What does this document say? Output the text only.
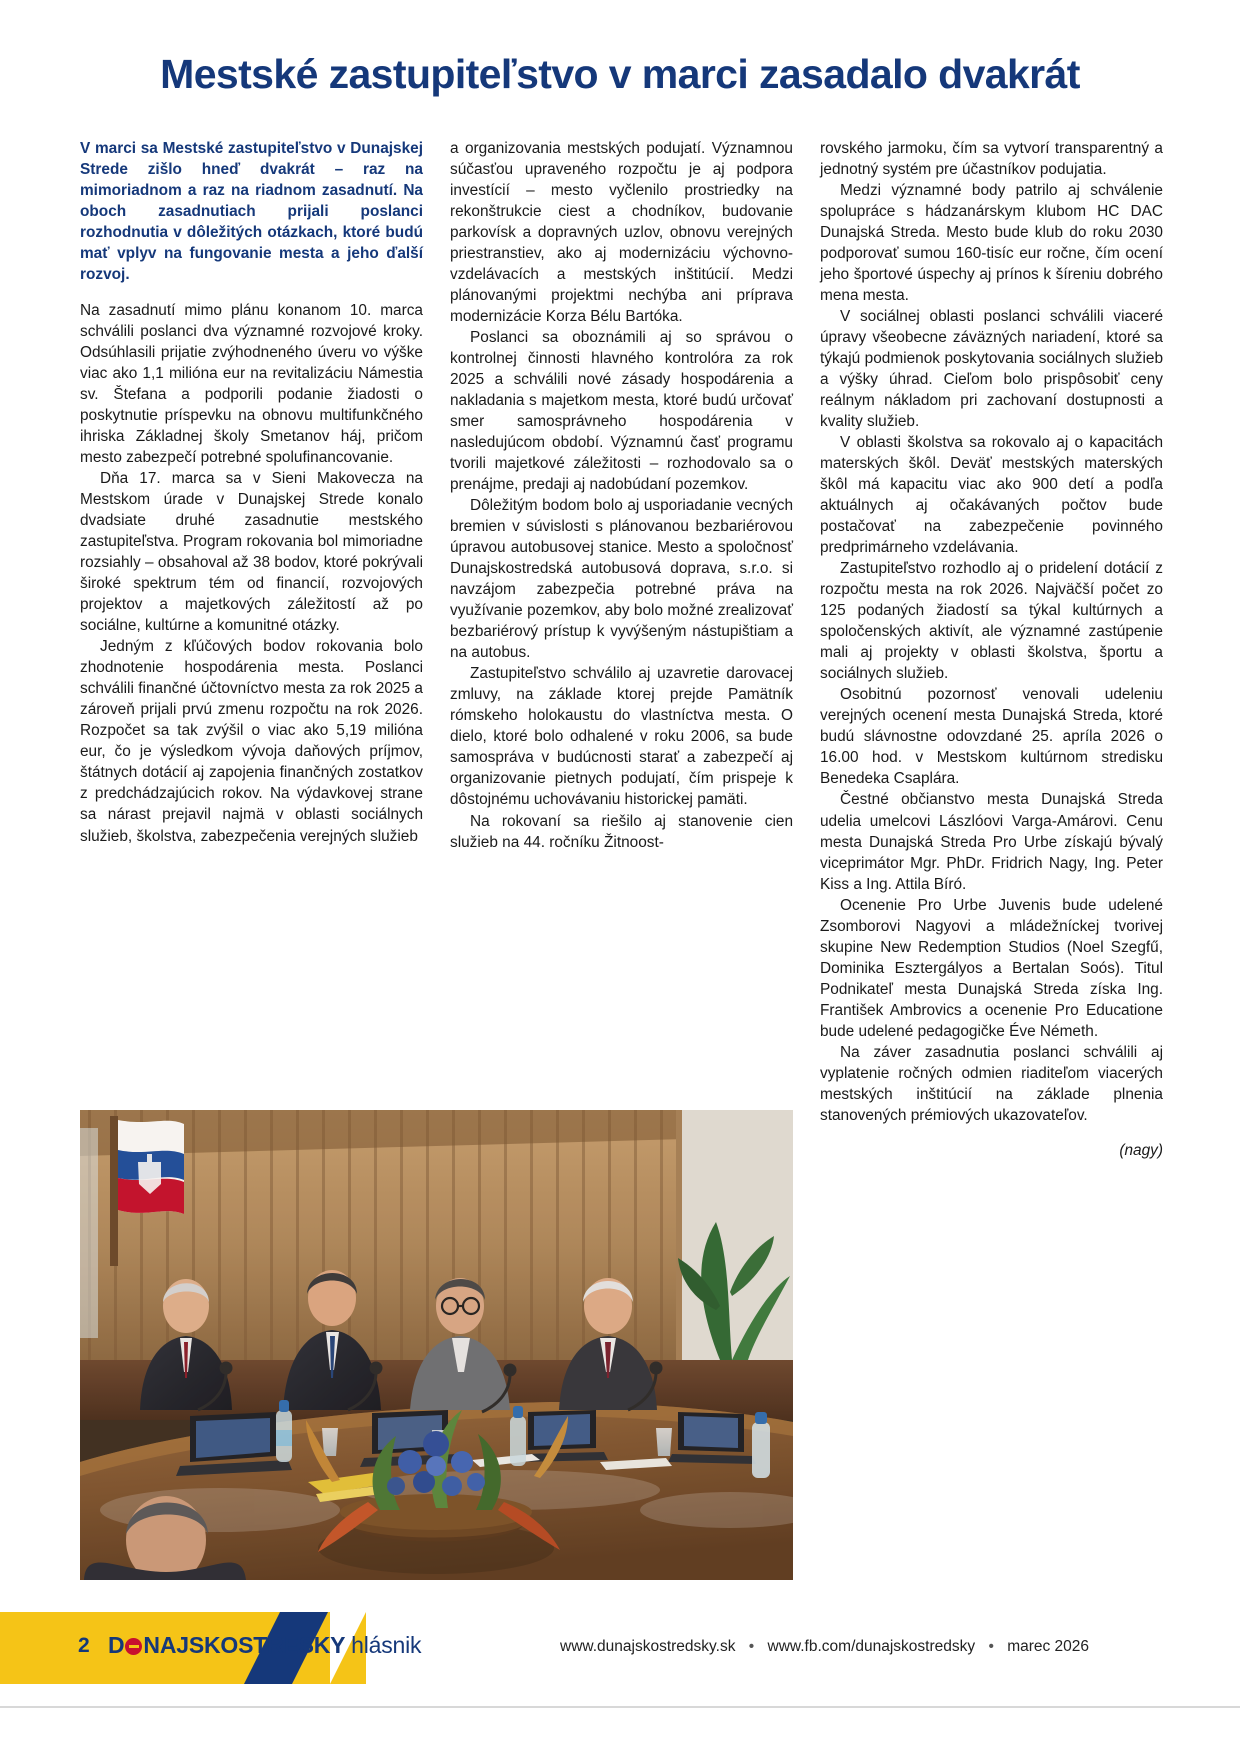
Mestské zastupiteľstvo v marci zasadalo dvakrát

V marci sa Mestské zastupiteľstvo v Dunajskej Strede zišlo hneď dvakrát – raz na mimoriadnom a raz na riadnom zasadnutí. Na oboch zasadnutiach prijali poslanci rozhodnutia v dôležitých otázkach, ktoré budú mať vplyv na fungovanie mesta a jeho ďalší rozvoj.

Na zasadnutí mimo plánu konanom 10. marca schválili poslanci dva významné rozvojové kroky. Odsúhlasili prijatie zvýhodneného úveru vo výške viac ako 1,1 milióna eur na revitalizáciu Námestia sv. Štefana a podporili podanie žiadosti o poskytnutie príspevku na obnovu multifunkčného ihriska Základnej školy Smetanov háj, pričom mesto zabezpečí potrebné spolufinancovanie.

Dňa 17. marca sa v Sieni Makovecza na Mestskom úrade v Dunajskej Strede konalo dvadsiate druhé zasadnutie mestského zastupiteľstva. Program rokovania bol mimoriadne rozsiahly – obsahoval až 38 bodov, ktoré pokrývali široké spektrum tém od financií, rozvojových projektov a majetkových záležitostí až po sociálne, kultúrne a komunitné otázky.

Jedným z kľúčových bodov rokovania bolo zhodnotenie hospodárenia mesta. Poslanci schválili finančné účtovníctvo mesta za rok 2025 a zároveň prijali prvú zmenu rozpočtu na rok 2026. Rozpočet sa tak zvýšil o viac ako 5,19 milióna eur, čo je výsledkom vývoja daňových príjmov, štátnych dotácií aj zapojenia finančných zostatkov z predchádzajúcich rokov. Na výdavkovej strane sa nárast prejavil najmä v oblasti sociálnych služieb, školstva, zabezpečenia verejných služieb

a organizovania mestských podujatí. Významnou súčasťou upraveného rozpočtu je aj podpora investícií – mesto vyčlenilo prostriedky na rekonštrukcie ciest a chodníkov, budovanie parkovísk a dopravných uzlov, obnovu verejných priestranstiev, ako aj modernizáciu výchovno-vzdelávacích a mestských inštitúcií. Medzi plánovanými projektmi nechýba ani príprava modernizácie Korza Bélu Bartóka.

Poslanci sa oboznámili aj so správou o kontrolnej činnosti hlavného kontrolóra za rok 2025 a schválili nové zásady hospodárenia a nakladania s majetkom mesta, ktoré budú určovať smer samosprávneho hospodárenia v nasledujúcom období. Významnú časť programu tvorili majetkové záležitosti – rozhodovalo sa o prenájme, predaji aj nadobúdaní pozemkov.

Dôležitým bodom bolo aj usporiadanie vecných bremien v súvislosti s plánovanou bezbariérovou úpravou autobusovej stanice. Mesto a spoločnosť Dunajskostredská autobusová doprava, s.r.o. si navzájom zabezpečia potrebné práva na využívanie pozemkov, aby bolo možné zrealizovať bezbariérový prístup k vyvýšeným nástupištiam a na autobus.

Zastupiteľstvo schválilo aj uzavretie darovacej zmluvy, na základe ktorej prejde Pamätník rómskeho holokaustu do vlastníctva mesta. O dielo, ktoré bolo odhalené v roku 2006, sa bude samospráva v budúcnosti starať a zabezpečí aj organizovanie pietnych podujatí, čím prispeje k dôstojnému uchovávaniu historickej pamäti.

Na rokovaní sa riešilo aj stanovenie cien služieb na 44. ročníku Žitnoost-

rovského jarmoku, čím sa vytvorí transparentný a jednotný systém pre účastníkov podujatia.

Medzi významné body patrilo aj schválenie spolupráce s hádzanárskym klubom HC DAC Dunajská Streda. Mesto bude klub do roku 2030 podporovať sumou 160-tisíc eur ročne, čím ocení jeho športové úspechy aj prínos k šíreniu dobrého mena mesta.

V sociálnej oblasti poslanci schválili viaceré úpravy všeobecne záväzných nariadení, ktoré sa týkajú podmienok poskytovania sociálnych služieb a výšky úhrad. Cieľom bolo prispôsobiť ceny reálnym nákladom pri zachovaní dostupnosti a kvality služieb.

V oblasti školstva sa rokovalo aj o kapacitách materských škôl. Deväť mestských materských škôl má kapacitu viac ako 900 detí a podľa aktuálnych aj očakávaných počtov bude postačovať na zabezpečenie povinného predprimárneho vzdelávania.

Zastupiteľstvo rozhodlo aj o pridelení dotácií z rozpočtu mesta na rok 2026. Najväčší počet zo 125 podaných žiadostí sa týkal kultúrnych a spoločenských aktivít, ale významné zastúpenie mali aj projekty v oblasti školstva, športu a sociálnych služieb.

Osobitnú pozornosť venovali udeleniu verejných ocenení mesta Dunajská Streda, ktoré budú slávnostne odovzdané 25. apríla 2026 o 16.00 hod. v Mestskom kultúrnom stredisku Benedeka Csaplára.

Čestné občianstvo mesta Dunajská Streda udelia umelcovi Lászlóovi Varga-Amárovi. Cenu mesta Dunajská Streda Pro Urbe získajú bývalý viceprimátor Mgr. PhDr. Fridrich Nagy, Ing. Peter Kiss a Ing. Attila Bíró.

Ocenenie Pro Urbe Juvenis bude udelené Zsomborovi Nagyovi a mládežníckej tvorivej skupine New Redemption Studios (Noel Szegfű, Dominika Esztergályos a Bertalan Soós). Titul Podnikateľ mesta Dunajská Streda získa Ing. František Ambrovics a ocenenie Pro Educatione bude udelené pedagogičke Éve Németh.

Na záver zasadnutia poslanci schválili aj vyplatenie ročných odmien riaditeľom viacerých mestských inštitúcií na základe plnenia stanovených prémiových ukazovateľov.

(nagy)
2 D NAJSKOSTRESKY hlásnik	www.dunajskostredsky.sk • www.fb.com/dunajskostredsky • marec 2026
